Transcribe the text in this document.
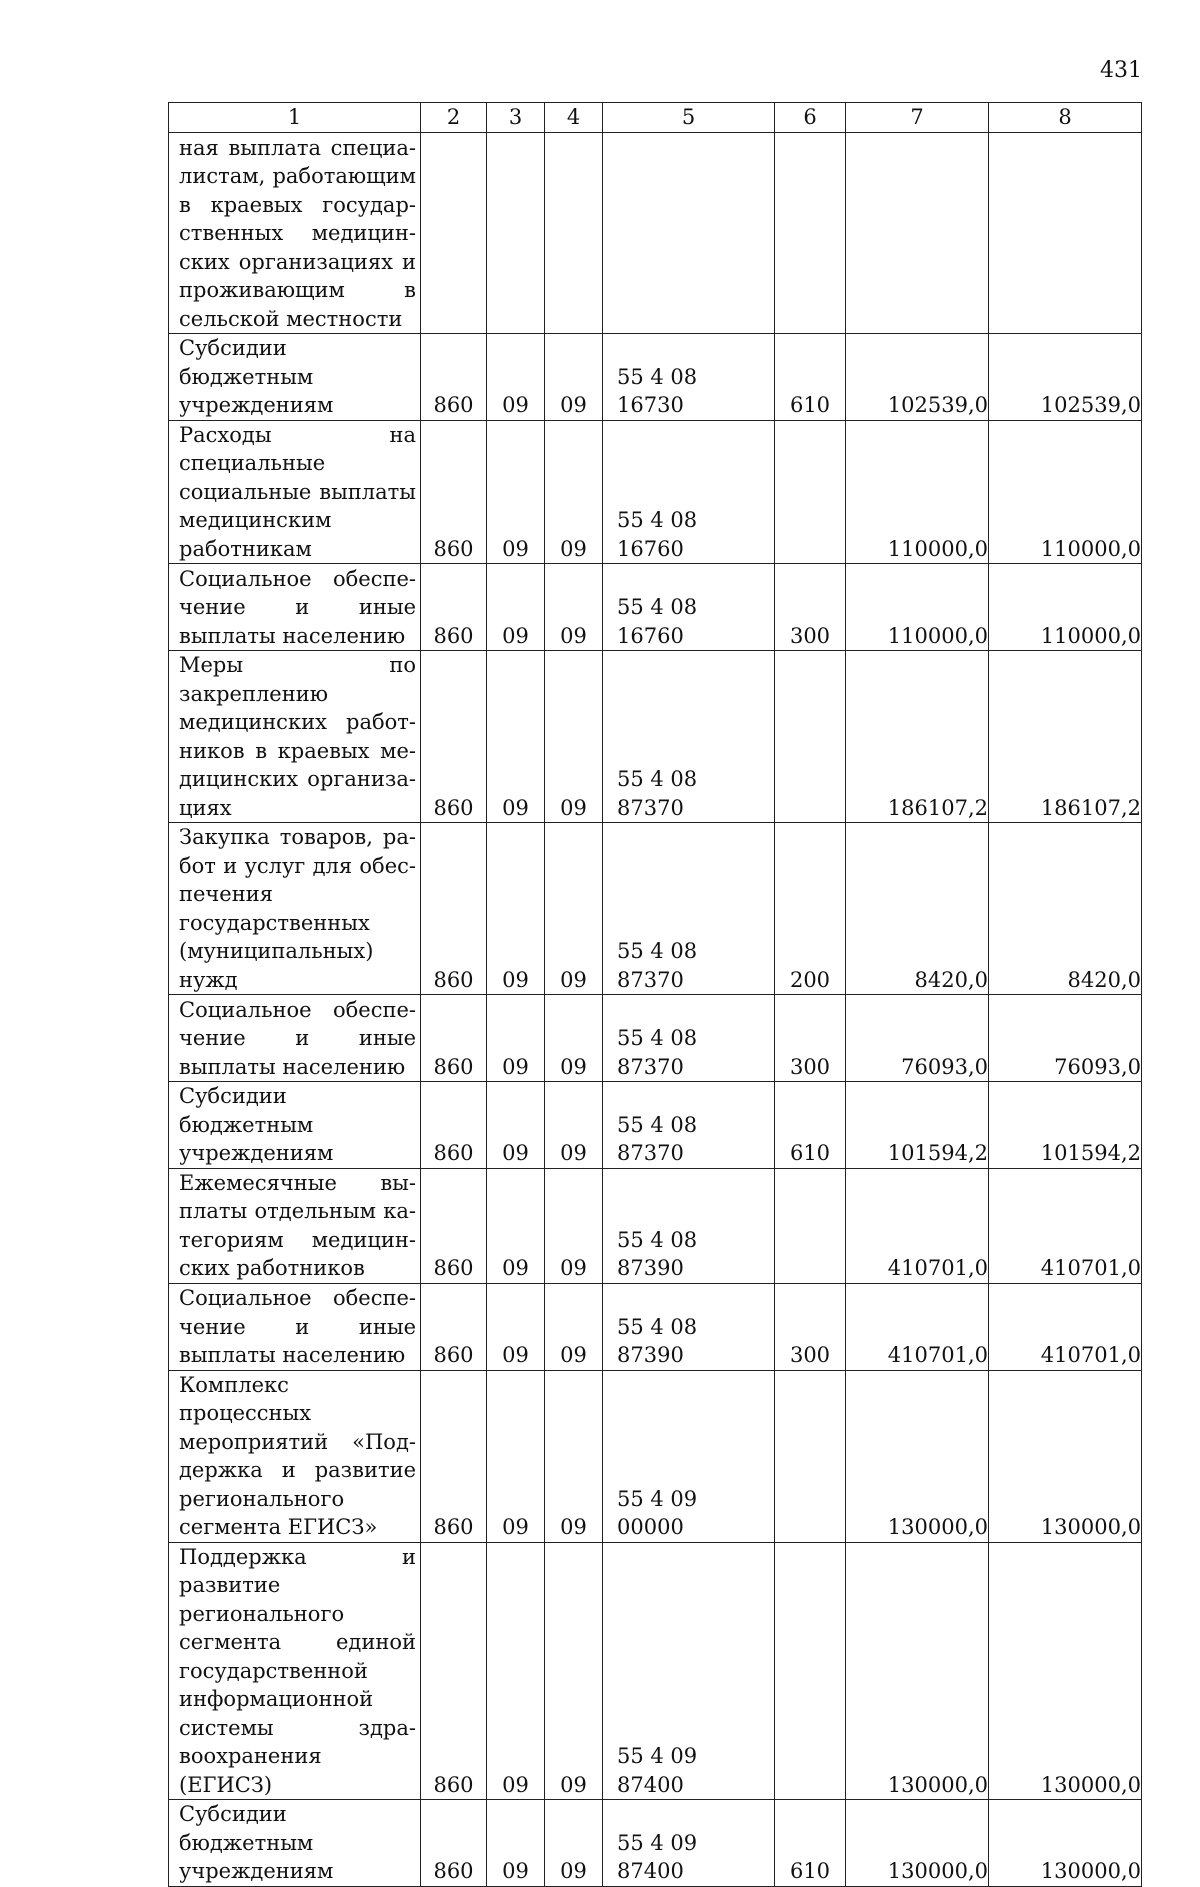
431
1	2	3	4	5	6	7	8
ная выплата специалистам, работающим в краевых государственных медицинских организациях и проживающим в сельской местности							
Субсидии бюджетным учреждениям	860	09	09	55 4 08 16730	610	102539,0	102539,0
Расходы на специальные социальные выплаты медицинским работникам	860	09	09	55 4 08 16760		110000,0	110000,0
Социальное обеспечение и иные выплаты населению	860	09	09	55 4 08 16760	300	110000,0	110000,0
Меры по закреплению медицинских работников в краевых медицинских организациях	860	09	09	55 4 08 87370		186107,2	186107,2
Закупка товаров, работ и услуг для обеспечения государственных (муниципальных) нужд	860	09	09	55 4 08 87370	200	8420,0	8420,0
Социальное обеспечение и иные выплаты населению	860	09	09	55 4 08 87370	300	76093,0	76093,0
Субсидии бюджетным учреждениям	860	09	09	55 4 08 87370	610	101594,2	101594,2
Ежемесячные выплаты отдельным категориям медицинских работников	860	09	09	55 4 08 87390		410701,0	410701,0
Социальное обеспечение и иные выплаты населению	860	09	09	55 4 08 87390	300	410701,0	410701,0
Комплекс процессных мероприятий «Поддержка и развитие регионального сегмента ЕГИСЗ»	860	09	09	55 4 09 00000		130000,0	130000,0
Поддержка и развитие регионального сегмента единой государственной информационной системы здравоохранения (ЕГИСЗ)	860	09	09	55 4 09 87400		130000,0	130000,0
Субсидии бюджетным учреждениям	860	09	09	55 4 09 87400	610	130000,0	130000,0
